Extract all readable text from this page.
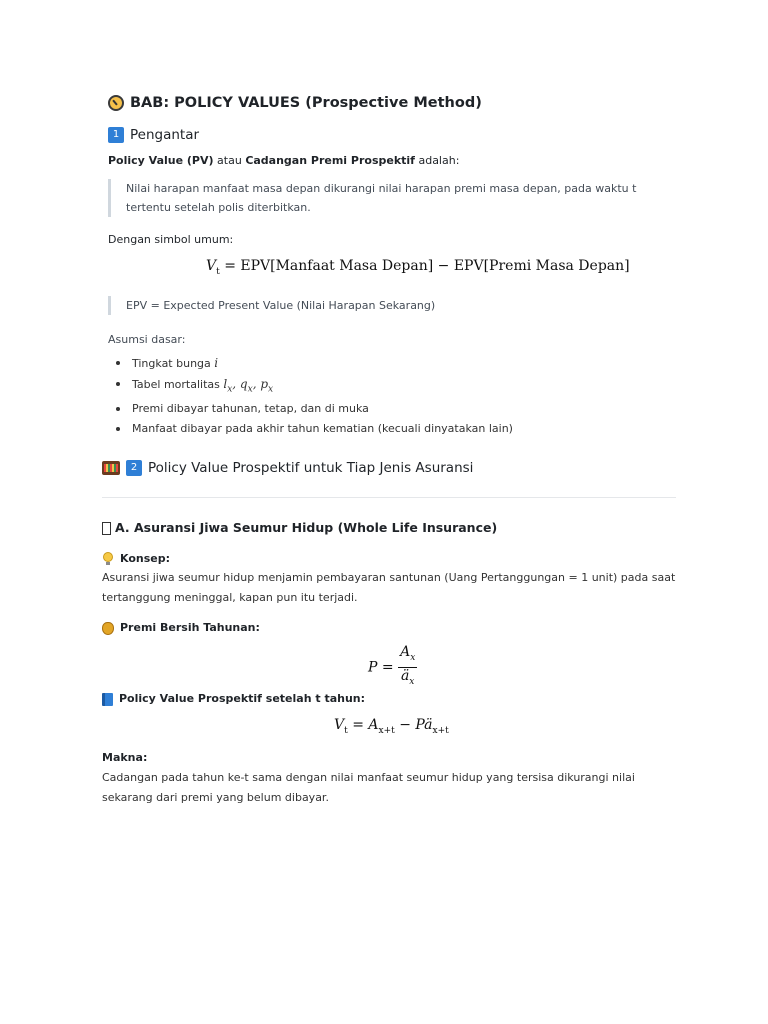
BAB: POLICY VALUES (Prospective Method)
1 Pengantar

Policy Value (PV) atau Cadangan Premi Prospektif adalah:

Nilai harapan manfaat masa depan dikurangi nilai harapan premi masa depan, pada waktu t tertentu setelah polis diterbitkan.

Dengan simbol umum:

$V_t$ = EPV[Manfaat Masa Depan] − EPV[Premi Masa Depan]
EPV = Expected Present Value (Nilai Harapan Sekarang)

Asumsi dasar:

Tingkat bunga i
Tabel mortalitas $l_x$, $q_x$, $p_x$
Premi dibayar tahunan, tetap, dan di muka
Manfaat dibayar pada akhir tahun kematian (kecuali dinyatakan lain)
2 Policy Value Prospektif untuk Tiap Jenis Asuransi
A. Asuransi Jiwa Seumur Hidup (Whole Life Insurance)
Konsep:
Asuransi jiwa seumur hidup menjamin pembayaran santunan (Uang Pertanggungan = 1 unit) pada saat tertanggung meninggal, kapan pun itu terjadi.
Premi Bersih Tahunan:
$P = \frac{A_x}{ä_x}$
Policy Value Prospektif setelah t tahun:
$V_t = A_{x+t}$ − $Pä_{x+t}$
Makna:
Cadangan pada tahun ke-t sama dengan nilai manfaat seumur hidup yang tersisa dikurangi nilai sekarang dari premi yang belum dibayar.
